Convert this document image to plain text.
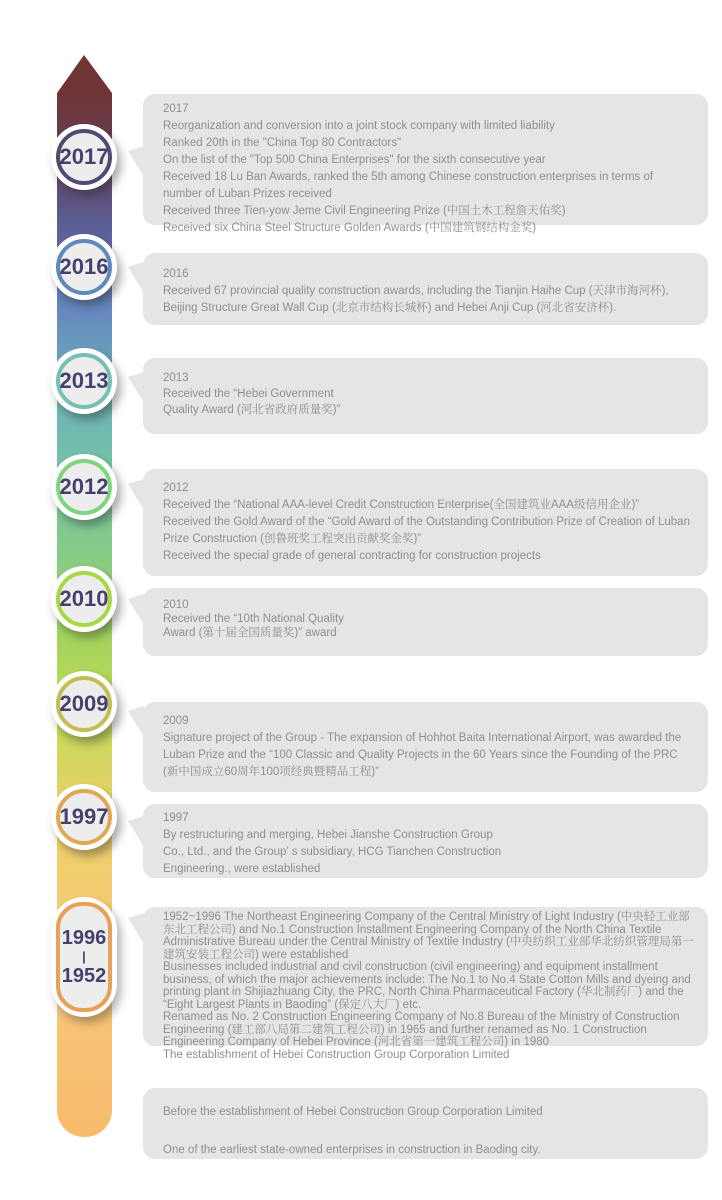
2017
2016
2013
2012
2010
2009
1997
1996
|
1952

2017

Reorganization and conversion into a joint stock company with limited liability

Ranked 20th in the "China Top 80 Contractors"

On the list of the "Top 500 China Enterprises" for the sixth consecutive year

Received 18 Lu Ban Awards, ranked the 5th among Chinese construction enterprises in terms of number of Luban Prizes received

Received three Tien-yow Jeme Civil Engineering Prize (中国土木工程詹天佑奖)

Received six China Steel Structure Golden Awards (中国建筑钢结构金奖)

2016

Received 67 provincial quality construction awards, including the Tianjin Haihe Cup (天津市海河杯), Beijing Structure Great Wall Cup (北京市结构长城杯) and Hebei Anji Cup (河北省安济杯).

2013

Received the “Hebei Government

Quality Award (河北省政府质量奖)”

2012

Received the “National AAA-level Credit Construction Enterprise(全国建筑业AAA级信用企业)”

Received the Gold Award of the “Gold Award of the Outstanding Contribution Prize of Creation of Luban Prize Construction (创鲁班奖工程突出贡献奖金奖)”

Received the special grade of general contracting for construction projects

2010

Received the “10th National Quality

Award (第十届全国质量奖)” award

2009

Signature project of the Group - The expansion of Hohhot Baita International Airport, was awarded the Luban Prize and the “100 Classic and Quality Projects in the 60 Years since the Founding of the PRC (新中国成立60周年100项经典暨精品工程)”

1997

By restructuring and merging, Hebei Jianshe Construction Group

Co., Ltd., and the Group’ s subsidiary, HCG Tianchen Construction

Engineering., were established

1952~1996 The Northeast Engineering Company of the Central Ministry of Light Industry (中央轻工业部东北工程公司) and No.1 Construction Installment Engineering Company of the North China Textile Administrative Bureau under the Central Ministry of Textile Industry (中央纺织工业部华北纺织管理局第一建筑安装工程公司) were established

Businesses included industrial and civil construction (civil engineering) and equipment installment business, of which the major achievements include: The No.1 to No.4 State Cotton Mills and dyeing and printing plant in Shijiazhuang City, the PRC, North China Pharmaceutical Factory (华北制药厂) and the “Eight Largest Plants in Baoding” (保定八大厂) etc.

Renamed as No. 2 Construction Engineering Company of No.8 Bureau of the Ministry of Construction Engineering (建工部八局第二建筑工程公司) in 1965 and further renamed as No. 1 Construction Engineering Company of Hebei Province (河北省第一建筑工程公司) in 1980

The establishment of Hebei Construction Group Corporation Limited

Before the establishment of Hebei Construction Group Corporation Limited

One of the earliest state-owned enterprises in construction in Baoding city.
